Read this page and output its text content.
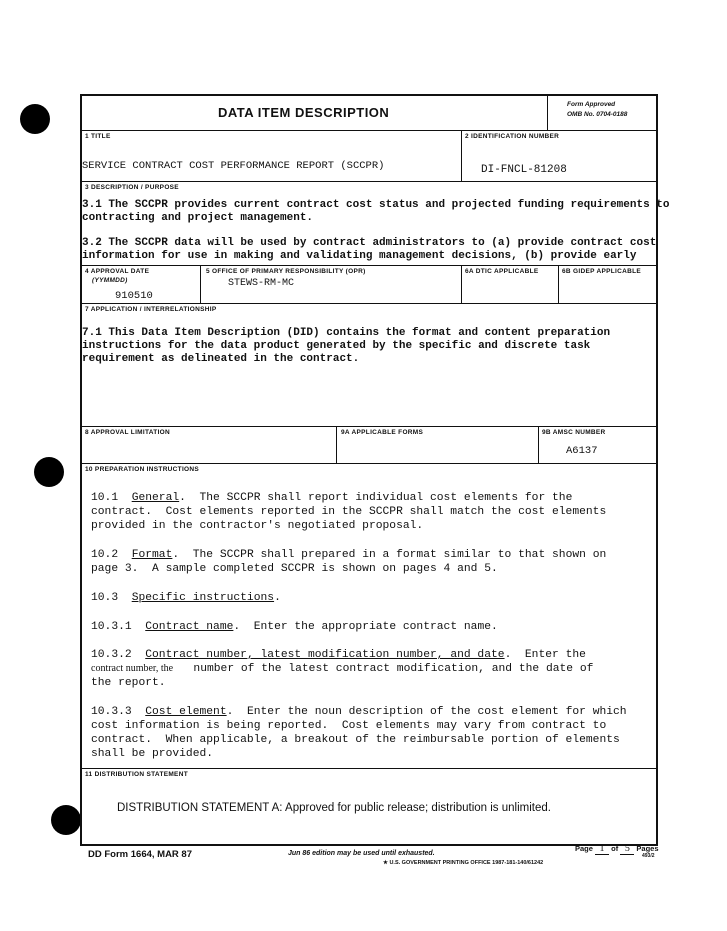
DATA ITEM DESCRIPTION
Form Approved
OMB No. 0704-0188
1 TITLE
SERVICE CONTRACT COST PERFORMANCE REPORT (SCCPR)
2 IDENTIFICATION NUMBER
DI-FNCL-81208
3 DESCRIPTION / PURPOSE
3.1 The SCCPR provides current contract cost status and projected funding requirements to
contracting and project management.
3.2 The SCCPR data will be used by contract administrators to (a) provide contract cost
information for use in making and validating management decisions, (b) provide early
4 APPROVAL DATE
(YYMMDD)
910510
5 OFFICE OF PRIMARY RESPONSIBILITY (OPR)
STEWS-RM-MC
6A DTIC APPLICABLE	6B GIDEP APPLICABLE
7 APPLICATION / INTERRELATIONSHIP
7.1 This Data Item Description (DID) contains the format and content preparation
instructions for the data product generated by the specific and discrete task
requirement as delineated in the contract.
8 APPROVAL LIMITATION	9A APPLICABLE FORMS	9B AMSC NUMBER
A6137
10 PREPARATION INSTRUCTIONS
10.1 General.  The SCCPR shall report individual cost elements for the
contract.  Cost elements reported in the SCCPR shall match the cost elements
provided in the contractor's negotiated proposal.
10.2 Format.  The SCCPR shall prepared in a format similar to that shown on
page 3.  A sample completed SCCPR is shown on pages 4 and 5.
10.3 Specific instructions.
10.3.1 Contract name.  Enter the appropriate contract name.
10.3.2 Contract number, latest modification number, and date.  Enter the
contract number, the number of the latest contract modification, and the date of
the report.
10.3.3 Cost element.  Enter the noun description of the cost element for which
cost information is being reported.  Cost elements may vary from contract to
contract.  When applicable, a breakout of the reimbursable portion of elements
shall be provided.
11 DISTRIBUTION STATEMENT
DISTRIBUTION STATEMENT A: Approved for public release; distribution is unlimited.
DD Form 1664, MAR 87	Jun 86 edition may be used until exhausted.
Page 1 of 5 Pages
493/2
★ U.S. GOVERNMENT PRINTING OFFICE 1987-181-140/61242
